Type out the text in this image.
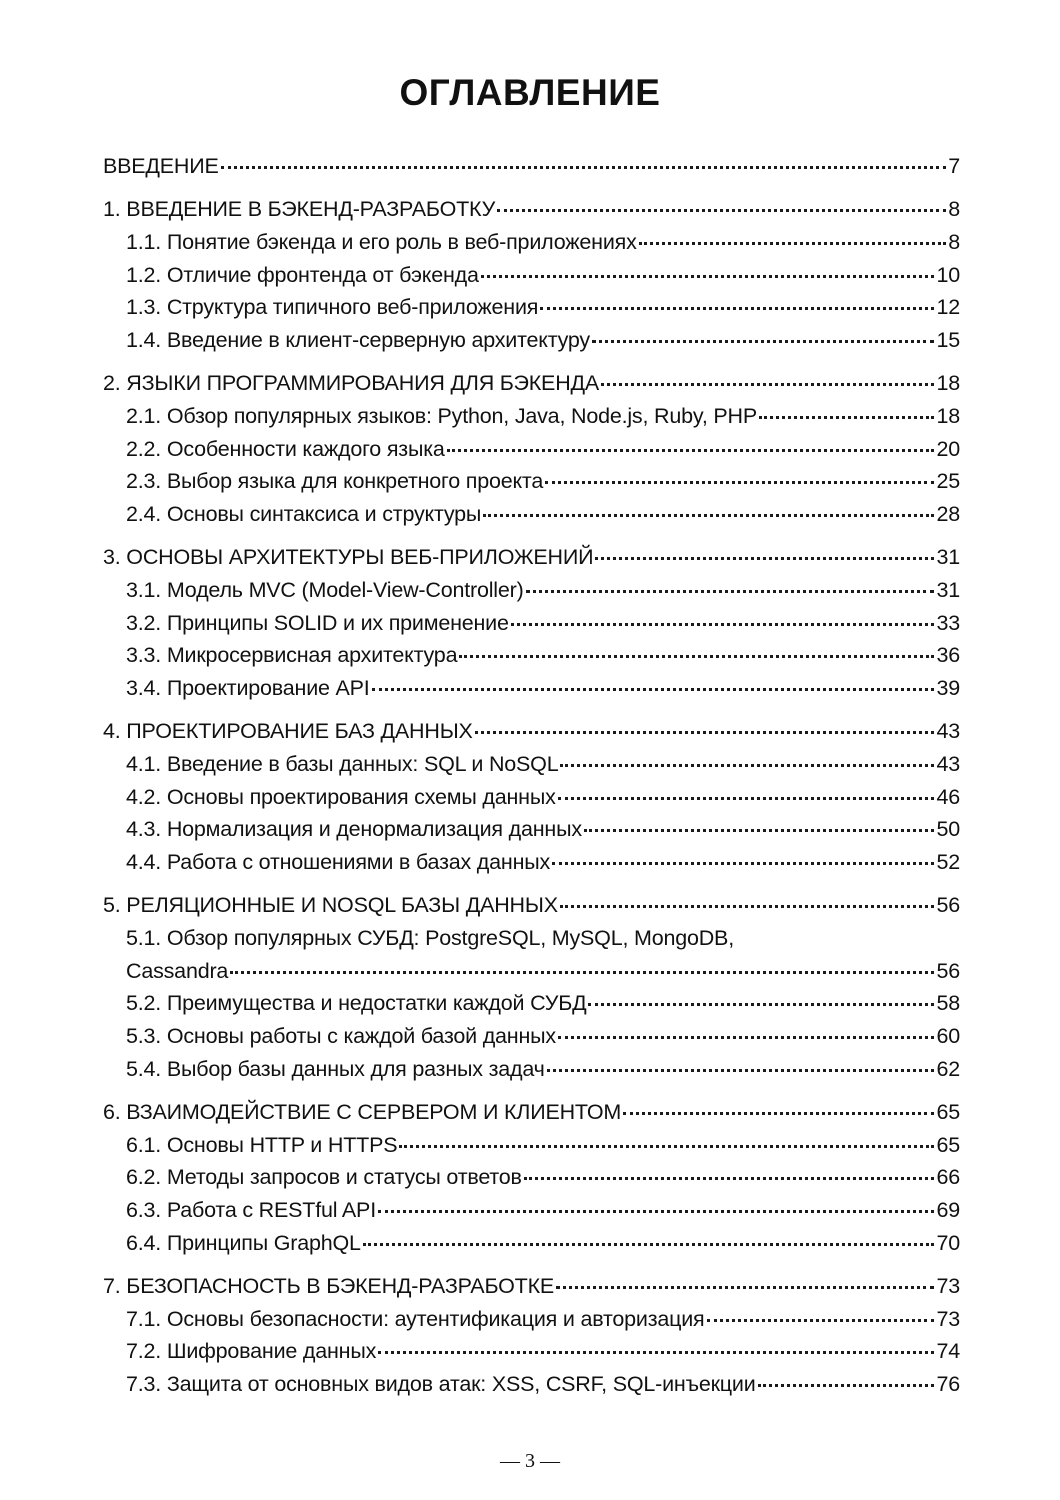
ОГЛАВЛЕНИЕ
ВВЕДЕНИЕ	7
1. ВВЕДЕНИЕ В БЭКЕНД-РАЗРАБОТКУ	8
1.1. Понятие бэкенда и его роль в веб-приложениях	8
1.2. Отличие фронтенда от бэкенда	10
1.3. Структура типичного веб-приложения	12
1.4. Введение в клиент-серверную архитектуру	15
2. ЯЗЫКИ ПРОГРАММИРОВАНИЯ ДЛЯ БЭКЕНДА	18
2.1. Обзор популярных языков: Python, Java, Node.js, Ruby, PHP	18
2.2. Особенности каждого языка	20
2.3. Выбор языка для конкретного проекта	25
2.4. Основы синтаксиса и структуры	28
3. ОСНОВЫ АРХИТЕКТУРЫ ВЕБ-ПРИЛОЖЕНИЙ	31
3.1. Модель MVC (Model-View-Controller)	31
3.2. Принципы SOLID и их применение	33
3.3. Микросервисная архитектура	36
3.4. Проектирование API	39
4. ПРОЕКТИРОВАНИЕ БАЗ ДАННЫХ	43
4.1. Введение в базы данных: SQL и NoSQL	43
4.2. Основы проектирования схемы данных	46
4.3. Нормализация и денормализация данных	50
4.4. Работа с отношениями в базах данных	52
5. РЕЛЯЦИОННЫЕ И NOSQL БАЗЫ ДАННЫХ	56
5.1. Обзор популярных СУБД: PostgreSQL, MySQL, MongoDB,
Cassandra	56
5.2. Преимущества и недостатки каждой СУБД	58
5.3. Основы работы с каждой базой данных	60
5.4. Выбор базы данных для разных задач	62
6. ВЗАИМОДЕЙСТВИЕ С СЕРВЕРОМ И КЛИЕНТОМ	65
6.1. Основы HTTP и HTTPS	65
6.2. Методы запросов и статусы ответов	66
6.3. Работа с RESTful API	69
6.4. Принципы GraphQL	70
7. БЕЗОПАСНОСТЬ В БЭКЕНД-РАЗРАБОТКЕ	73
7.1. Основы безопасности: аутентификация и авторизация	73
7.2. Шифрование данных	74
7.3. Защита от основных видов атак: XSS, CSRF, SQL-инъекции	76
— 3 —
